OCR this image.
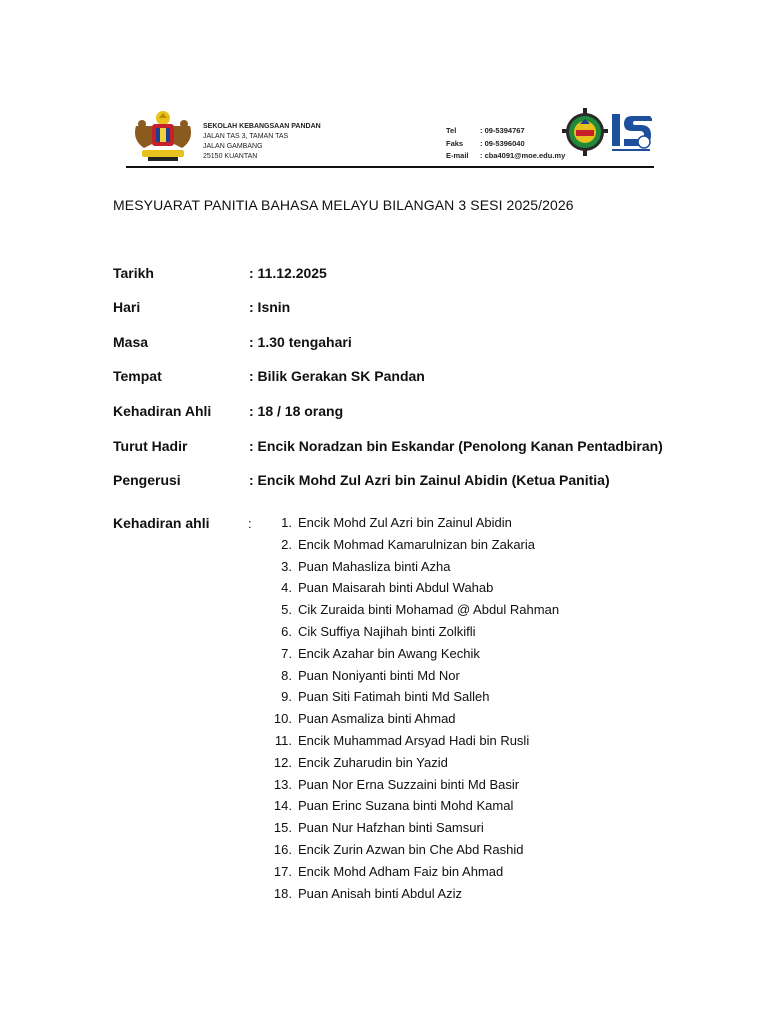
SEKOLAH KEBANGSAAN PANDAN
JALAN TAS 3, TAMAN TAS
JALAN GAMBANG
25150 KUANTAN
Tel	: 09-5394767
Faks	: 09-5396040
E-mail	: cba4091@moe.edu.my
MESYUARAT PANITIA BAHASA MELAYU BILANGAN 3 SESI 2025/2026
Tarikh	: 11.12.2025
Hari	: Isnin
Masa	: 1.30 tengahari
Tempat	: Bilik Gerakan SK Pandan
Kehadiran Ahli	: 18 / 18 orang
Turut Hadir	: Encik Noradzan bin Eskandar (Penolong Kanan Pentadbiran)
Pengerusi	: Encik Mohd Zul Azri bin Zainul Abidin (Ketua Panitia)
Kehadiran ahli	:	1. Encik Mohd Zul Azri bin Zainul Abidin
2. Encik Mohmad Kamarulnizan bin Zakaria
3. Puan Mahasliza binti Azha
4. Puan Maisarah binti Abdul Wahab
5. Cik Zuraida binti Mohamad @ Abdul Rahman
6. Cik Suffiya Najihah binti Zolkifli
7. Encik Azahar bin Awang Kechik
8. Puan Noniyanti binti Md Nor
9. Puan Siti Fatimah binti Md Salleh
10. Puan Asmaliza binti Ahmad
11. Encik Muhammad Arsyad Hadi bin Rusli
12. Encik Zuharudin bin Yazid
13. Puan Nor Erna Suzzaini binti Md Basir
14. Puan Erinc Suzana binti Mohd Kamal
15. Puan Nur Hafzhan binti Samsuri
16. Encik Zurin Azwan bin Che Abd Rashid
17. Encik Mohd Adham Faiz bin Ahmad
18. Puan Anisah binti Abdul Aziz
